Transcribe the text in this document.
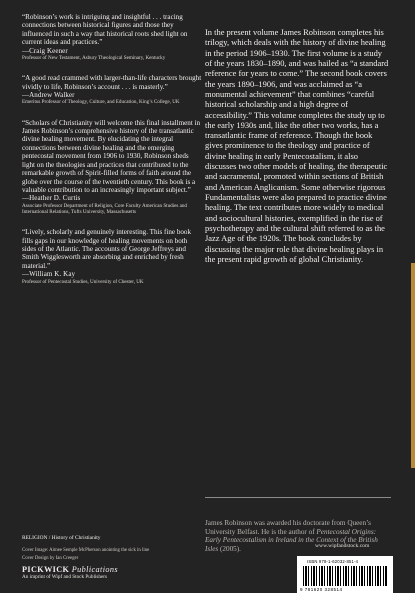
“Robinson’s work is intriguing and insightful . . . tracing connections between historical figures and those they influenced in such a way that historical roots shed light on current ideas and practices.”
—Craig Keener
Professor of New Testament, Asbury Theological Seminary, Kentucky
“A good read crammed with larger-than-life characters brought vividly to life, Robinson’s account . . . is masterly.”
—Andrew Walker
Emeritus Professor of Theology, Culture, and Education, King’s College, UK
“Scholars of Christianity will welcome this final installment in James Robinson’s comprehensive history of the transatlantic divine healing movement. By elucidating the integral connections between divine healing and the emerging pentecostal movement from 1906 to 1930, Robinson sheds light on the theologies and practices that contributed to the remarkable growth of Spirit-filled forms of faith around the globe over the course of the twentieth century. This book is a valuable contribution to an increasingly important subject.”
—Heather D. Curtis
Associate Professor Department of Religion, Core Faculty American Studies and International Relations, Tufts University, Massachusetts
“Lively, scholarly and genuinely interesting. This fine book fills gaps in our knowledge of healing movements on both sides of the Atlantic. The accounts of George Jeffreys and Smith Wigglesworth are absorbing and enriched by fresh material.”
—William K. Kay
Professor of Pentecostal Studies, University of Chester, UK
In the present volume James Robinson completes his trilogy, which deals with the history of divine healing in the period 1906–1930. The first volume is a study of the years 1830–1890, and was hailed as “a standard reference for years to come.” The second book covers the years 1890–1906, and was acclaimed as “a monumental achievement” that combines “careful historical scholarship and a high degree of accessibility.” This volume completes the study up to the early 1930s and, like the other two works, has a transatlantic frame of reference. Though the book gives prominence to the theology and practice of divine healing in early Pentecostalism, it also discusses two other models of healing, the therapeutic and sacramental, promoted within sections of British and American Anglicanism. Some otherwise rigorous Fundamentalists were also prepared to practice divine healing. The text contributes more widely to medical and sociocultural histories, exemplified in the rise of psychotherapy and the cultural shift referred to as the Jazz Age of the 1920s. The book concludes by discussing the major role that divine healing plays in the present rapid growth of global Christianity.
James Robinson was awarded his doctorate from Queen’s University Belfast. He is the author of Pentecostal Origins: Early Pentecostalism in Ireland in the Context of the British Isles (2005).
RELIGION / History of Christianity
Cover Image: Aimee Semple McPherson anointing the sick in line
Cover Design by Ian Creeger
PICKWICK Publications
An imprint of Wipf and Stock Publishers
www.wipfandstock.com
ISBN 978-1-62032-851-4
9 781620 328514
